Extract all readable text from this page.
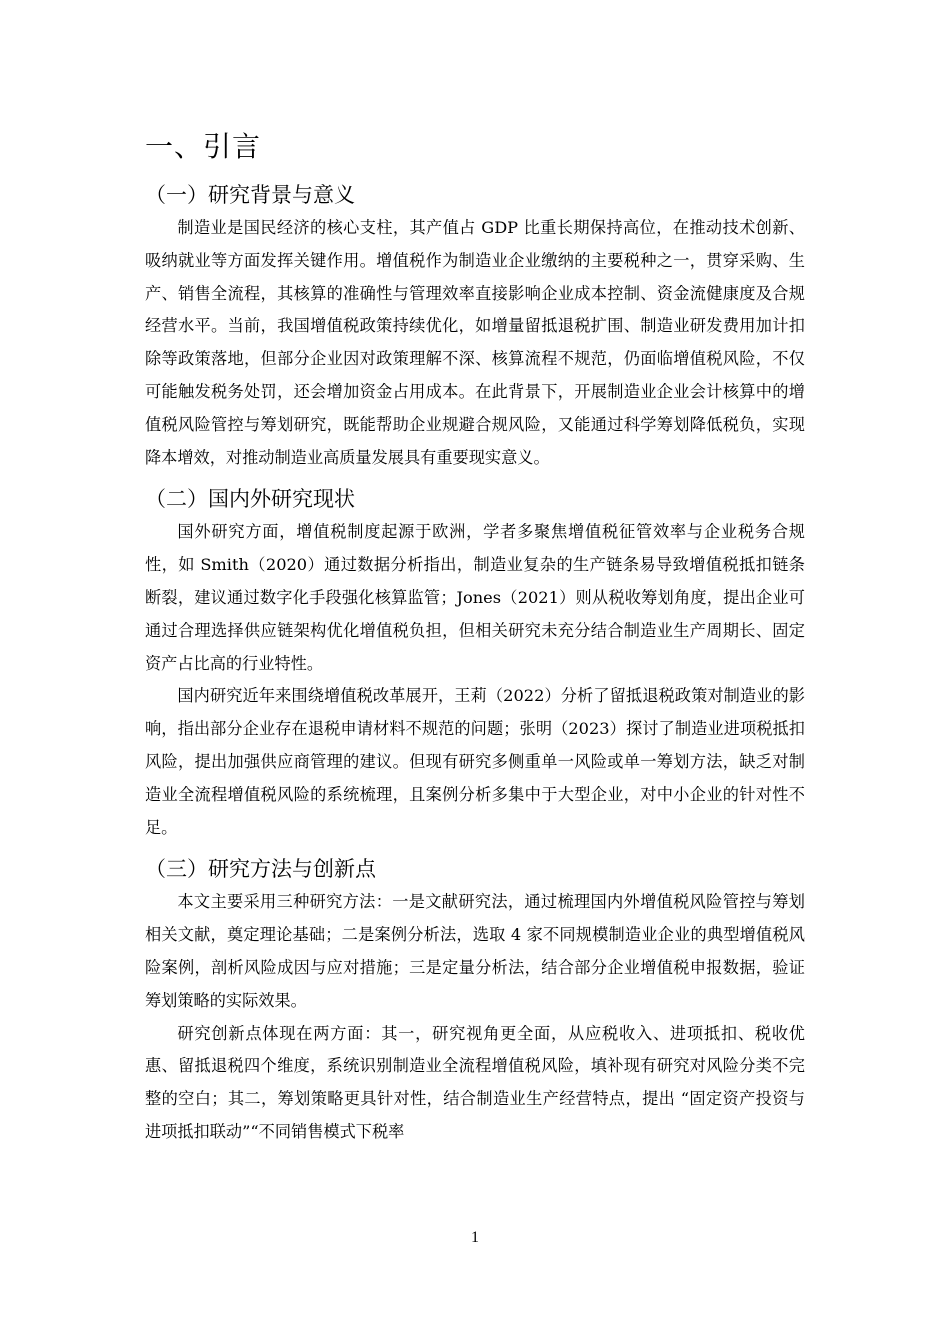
一、引言
（一）研究背景与意义

制造业是国民经济的核心支柱，其产值占 GDP 比重长期保持高位，在推动技术创新、吸纳就业等方面发挥关键作用。增值税作为制造业企业缴纳的主要税种之一，贯穿采购、生产、销售全流程，其核算的准确性与管理效率直接影响企业成本控制、资金流健康度及合规经营水平。当前，我国增值税政策持续优化，如增量留抵退税扩围、制造业研发费用加计扣除等政策落地，但部分企业因对政策理解不深、核算流程不规范，仍面临增值税风险，不仅可能触发税务处罚，还会增加资金占用成本。在此背景下，开展制造业企业会计核算中的增值税风险管控与筹划研究，既能帮助企业规避合规风险，又能通过科学筹划降低税负，实现降本增效，对推动制造业高质量发展具有重要现实意义。

（二）国内外研究现状

国外研究方面，增值税制度起源于欧洲，学者多聚焦增值税征管效率与企业税务合规性，如 Smith（2020）通过数据分析指出，制造业复杂的生产链条易导致增值税抵扣链条断裂，建议通过数字化手段强化核算监管；Jones（2021）则从税收筹划角度，提出企业可通过合理选择供应链架构优化增值税负担，但相关研究未充分结合制造业生产周期长、固定资产占比高的行业特性。

国内研究近年来围绕增值税改革展开，王莉（2022）分析了留抵退税政策对制造业的影响，指出部分企业存在退税申请材料不规范的问题；张明（2023）探讨了制造业进项税抵扣风险，提出加强供应商管理的建议。但现有研究多侧重单一风险或单一筹划方法，缺乏对制造业全流程增值税风险的系统梳理，且案例分析多集中于大型企业，对中小企业的针对性不足。

（三）研究方法与创新点

本文主要采用三种研究方法：一是文献研究法，通过梳理国内外增值税风险管控与筹划相关文献，奠定理论基础；二是案例分析法，选取 4 家不同规模制造业企业的典型增值税风险案例，剖析风险成因与应对措施；三是定量分析法，结合部分企业增值税申报数据，验证筹划策略的实际效果。

研究创新点体现在两方面：其一，研究视角更全面，从应税收入、进项抵扣、税收优惠、留抵退税四个维度，系统识别制造业全流程增值税风险，填补现有研究对风险分类不完整的空白；其二，筹划策略更具针对性，结合制造业生产经营特点，提出 “固定资产投资与进项抵扣联动”“不同销售模式下税率

1
